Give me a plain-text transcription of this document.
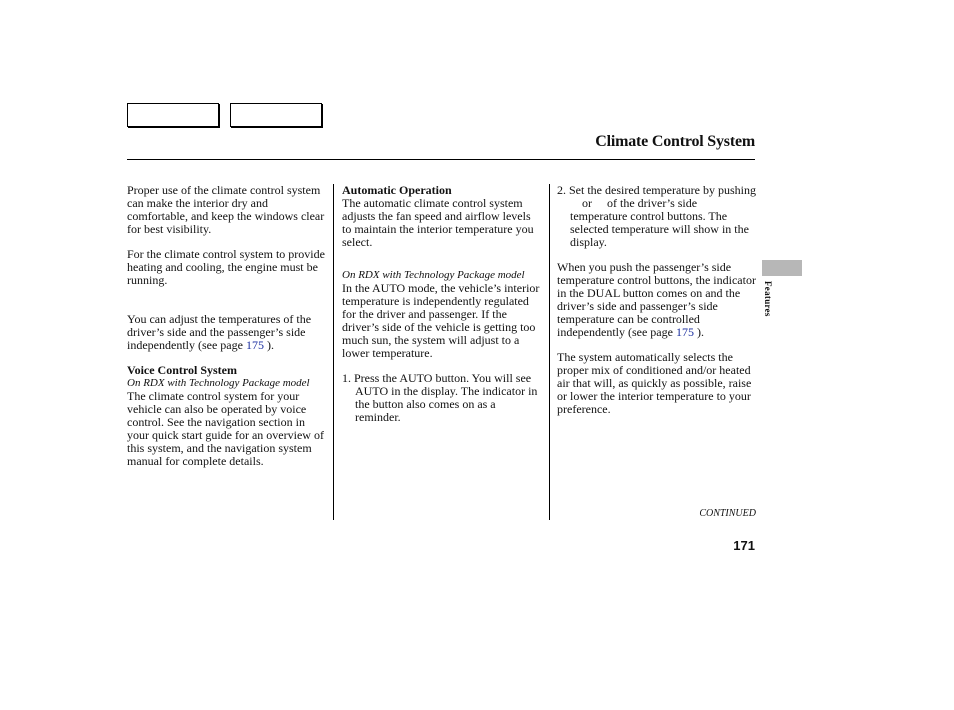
Climate Control System

Proper use of the climate control system can make the interior dry and comfortable, and keep the windows clear for best visibility.

For the climate control system to provide heating and cooling, the engine must be running.

You can adjust the temperatures of the driver’s side and the passenger’s side independently (see page 175 ).

Voice Control System

On RDX with Technology Package model

The climate control system for your vehicle can also be operated by voice control. See the navigation section in your quick start guide for an overview of this system, and the navigation system manual for complete details.

Automatic Operation

The automatic climate control system adjusts the fan speed and airflow levels to maintain the interior temperature you select.

On RDX with Technology Package model

In the AUTO mode, the vehicle’s interior temperature is independently regulated for the driver and passenger. If the driver’s side of the vehicle is getting too much sun, the system will adjust to a lower temperature.

1. Press the AUTO button. You will see AUTO in the display. The indicator in the button also comes on as a reminder.

2. Set the desired temperature by pushing or of the driver’s side temperature control buttons. The selected temperature will show in the display.

When you push the passenger’s side temperature control buttons, the indicator in the DUAL button comes on and the driver’s side and passenger’s side temperature can be controlled independently (see page 175 ).

The system automatically selects the proper mix of conditioned and/or heated air that will, as quickly as possible, raise or lower the interior temperature to your preference.

Features
CONTINUED
171
